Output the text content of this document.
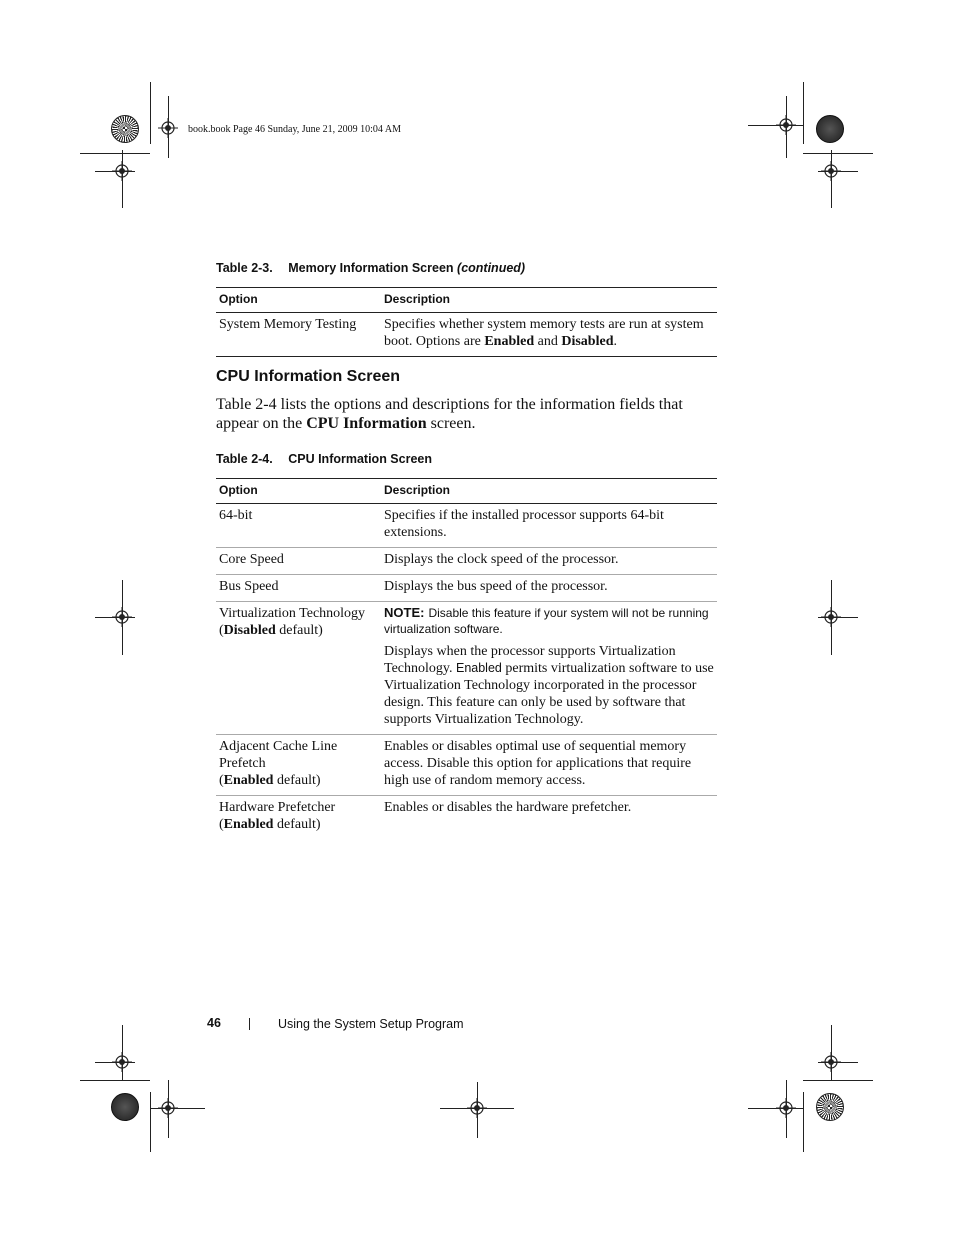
book.book Page 46 Sunday, June 21, 2009 10:04 AM
Table 2-3. Memory Information Screen (continued)
Option	Description
System Memory Testing	Specifies whether system memory tests are run at system boot. Options are Enabled and Disabled.
CPU Information Screen
Table 2-4 lists the options and descriptions for the information fields that appear on the CPU Information screen.
Table 2-4. CPU Information Screen
Option	Description
64-bit	Specifies if the installed processor supports 64-bit extensions.
Core Speed	Displays the clock speed of the processor.
Bus Speed	Displays the bus speed of the processor.
Virtualization Technology
(Disabled default)	NOTE: Disable this feature if your system will not be running virtualization software.
Displays when the processor supports Virtualization Technology. Enabled permits virtualization software to use Virtualization Technology incorporated in the processor design. This feature can only be used by software that supports Virtualization Technology.
Adjacent Cache Line Prefetch
(Enabled default)	Enables or disables optimal use of sequential memory access. Disable this option for applications that require high use of random memory access.
Hardware Prefetcher
(Enabled default)	Enables or disables the hardware prefetcher.
46	Using the System Setup Program
